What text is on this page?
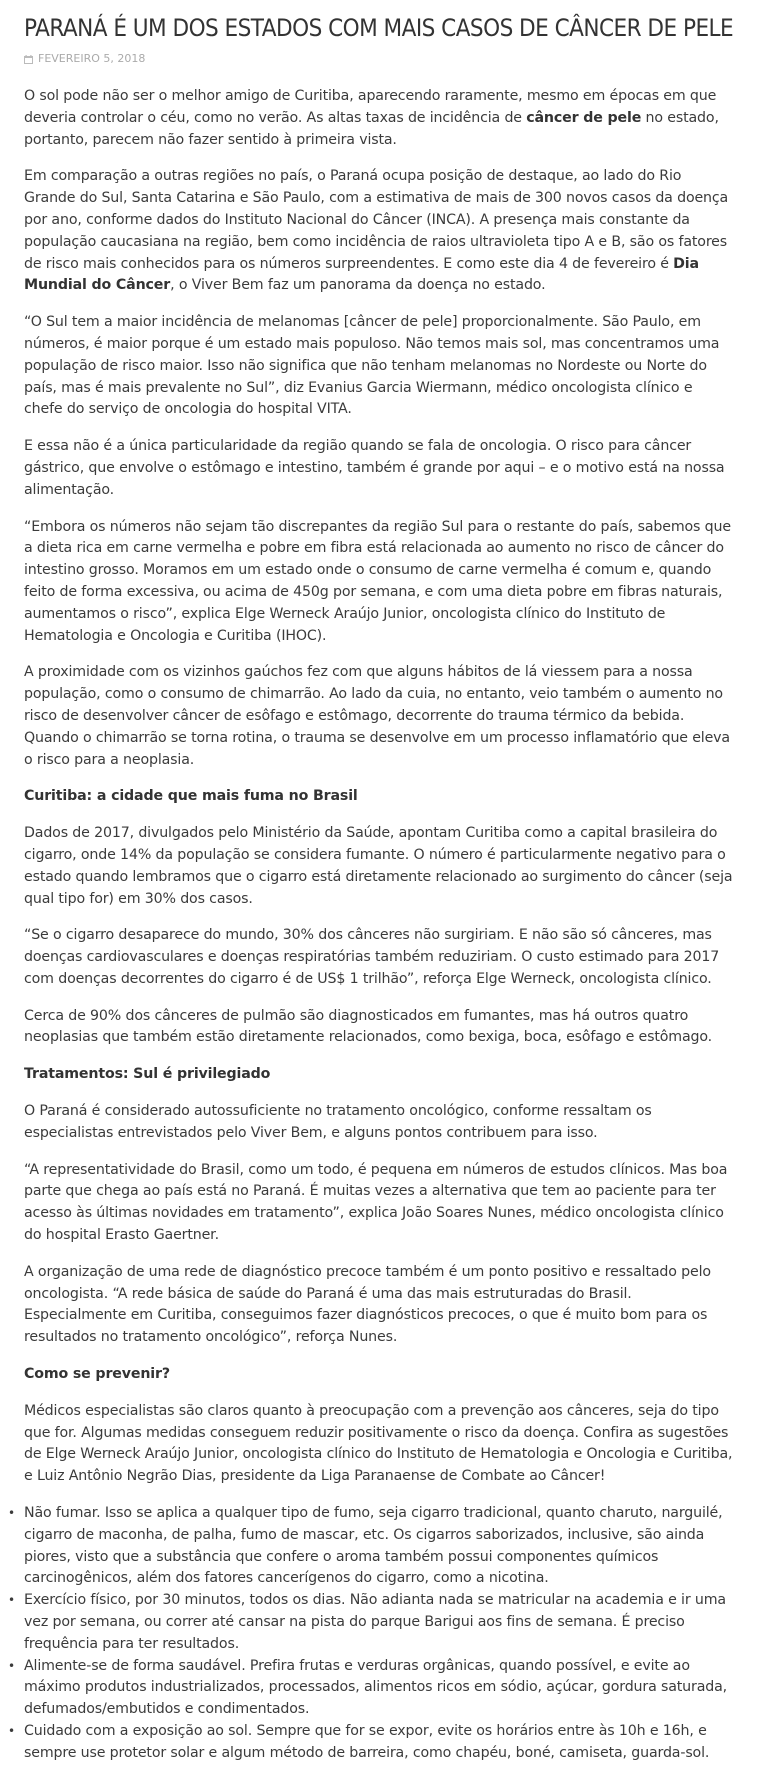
PARANÁ É UM DOS ESTADOS COM MAIS CASOS DE CÂNCER DE PELE
FEVEREIRO 5, 2018

O sol pode não ser o melhor amigo de Curitiba, aparecendo raramente, mesmo em épocas em que deveria controlar o céu, como no verão. As altas taxas de incidência de câncer de pele no estado, portanto, parecem não fazer sentido à primeira vista.

Em comparação a outras regiões no país, o Paraná ocupa posição de destaque, ao lado do Rio Grande do Sul, Santa Catarina e São Paulo, com a estimativa de mais de 300 novos casos da doença por ano, conforme dados do Instituto Nacional do Câncer (INCA). A presença mais constante da população caucasiana na região, bem como incidência de raios ultravioleta tipo A e B, são os fatores de risco mais conhecidos para os números surpreendentes. E como este dia 4 de fevereiro é Dia Mundial do Câncer, o Viver Bem faz um panorama da doença no estado.

“O Sul tem a maior incidência de melanomas [câncer de pele] proporcionalmente. São Paulo, em números, é maior porque é um estado mais populoso. Não temos mais sol, mas concentramos uma população de risco maior. Isso não significa que não tenham melanomas no Nordeste ou Norte do país, mas é mais prevalente no Sul”, diz Evanius Garcia Wiermann, médico oncologista clínico e chefe do serviço de oncologia do hospital VITA.

E essa não é a única particularidade da região quando se fala de oncologia. O risco para câncer gástrico, que envolve o estômago e intestino, também é grande por aqui – e o motivo está na nossa alimentação.

“Embora os números não sejam tão discrepantes da região Sul para o restante do país, sabemos que a dieta rica em carne vermelha e pobre em fibra está relacionada ao aumento no risco de câncer do intestino grosso. Moramos em um estado onde o consumo de carne vermelha é comum e, quando feito de forma excessiva, ou acima de 450g por semana, e com uma dieta pobre em fibras naturais, aumentamos o risco”, explica Elge Werneck Araújo Junior, oncologista clínico do Instituto de Hematologia e Oncologia e Curitiba (IHOC).

A proximidade com os vizinhos gaúchos fez com que alguns hábitos de lá viessem para a nossa população, como o consumo de chimarrão. Ao lado da cuia, no entanto, veio também o aumento no risco de desenvolver câncer de esôfago e estômago, decorrente do trauma térmico da bebida. Quando o chimarrão se torna rotina, o trauma se desenvolve em um processo inflamatório que eleva o risco para a neoplasia.

Curitiba: a cidade que mais fuma no Brasil

Dados de 2017, divulgados pelo Ministério da Saúde, apontam Curitiba como a capital brasileira do cigarro, onde 14% da população se considera fumante. O número é particularmente negativo para o estado quando lembramos que o cigarro está diretamente relacionado ao surgimento do câncer (seja qual tipo for) em 30% dos casos.

“Se o cigarro desaparece do mundo, 30% dos cânceres não surgiriam. E não são só cânceres, mas doenças cardiovasculares e doenças respiratórias também reduziriam. O custo estimado para 2017 com doenças decorrentes do cigarro é de US$ 1 trilhão”, reforça Elge Werneck, oncologista clínico.

Cerca de 90% dos cânceres de pulmão são diagnosticados em fumantes, mas há outros quatro neoplasias que também estão diretamente relacionados, como bexiga, boca, esôfago e estômago.

Tratamentos: Sul é privilegiado

O Paraná é considerado autossuficiente no tratamento oncológico, conforme ressaltam os especialistas entrevistados pelo Viver Bem, e alguns pontos contribuem para isso.

“A representatividade do Brasil, como um todo, é pequena em números de estudos clínicos. Mas boa parte que chega ao país está no Paraná. É muitas vezes a alternativa que tem ao paciente para ter acesso às últimas novidades em tratamento”, explica João Soares Nunes, médico oncologista clínico do hospital Erasto Gaertner.

A organização de uma rede de diagnóstico precoce também é um ponto positivo e ressaltado pelo oncologista. “A rede básica de saúde do Paraná é uma das mais estruturadas do Brasil. Especialmente em Curitiba, conseguimos fazer diagnósticos precoces, o que é muito bom para os resultados no tratamento oncológico”, reforça Nunes.

Como se prevenir?

Médicos especialistas são claros quanto à preocupação com a prevenção aos cânceres, seja do tipo que for. Algumas medidas conseguem reduzir positivamente o risco da doença. Confira as sugestões de Elge Werneck Araújo Junior, oncologista clínico do Instituto de Hematologia e Oncologia e Curitiba, e Luiz Antônio Negrão Dias, presidente da Liga Paranaense de Combate ao Câncer!

• Não fumar. Isso se aplica a qualquer tipo de fumo, seja cigarro tradicional, quanto charuto, narguilé, cigarro de maconha, de palha, fumo de mascar, etc. Os cigarros saborizados, inclusive, são ainda piores, visto que a substância que confere o aroma também possui componentes químicos carcinogênicos, além dos fatores cancerígenos do cigarro, como a nicotina.
• Exercício físico, por 30 minutos, todos os dias. Não adianta nada se matricular na academia e ir uma vez por semana, ou correr até cansar na pista do parque Barigui aos fins de semana. É preciso frequência para ter resultados.
• Alimente-se de forma saudável. Prefira frutas e verduras orgânicas, quando possível, e evite ao máximo produtos industrializados, processados, alimentos ricos em sódio, açúcar, gordura saturada, defumados/embutidos e condimentados.
• Cuidado com a exposição ao sol. Sempre que for se expor, evite os horários entre às 10h e 16h, e sempre use protetor solar e algum método de barreira, como chapéu, boné, camiseta, guarda-sol.
